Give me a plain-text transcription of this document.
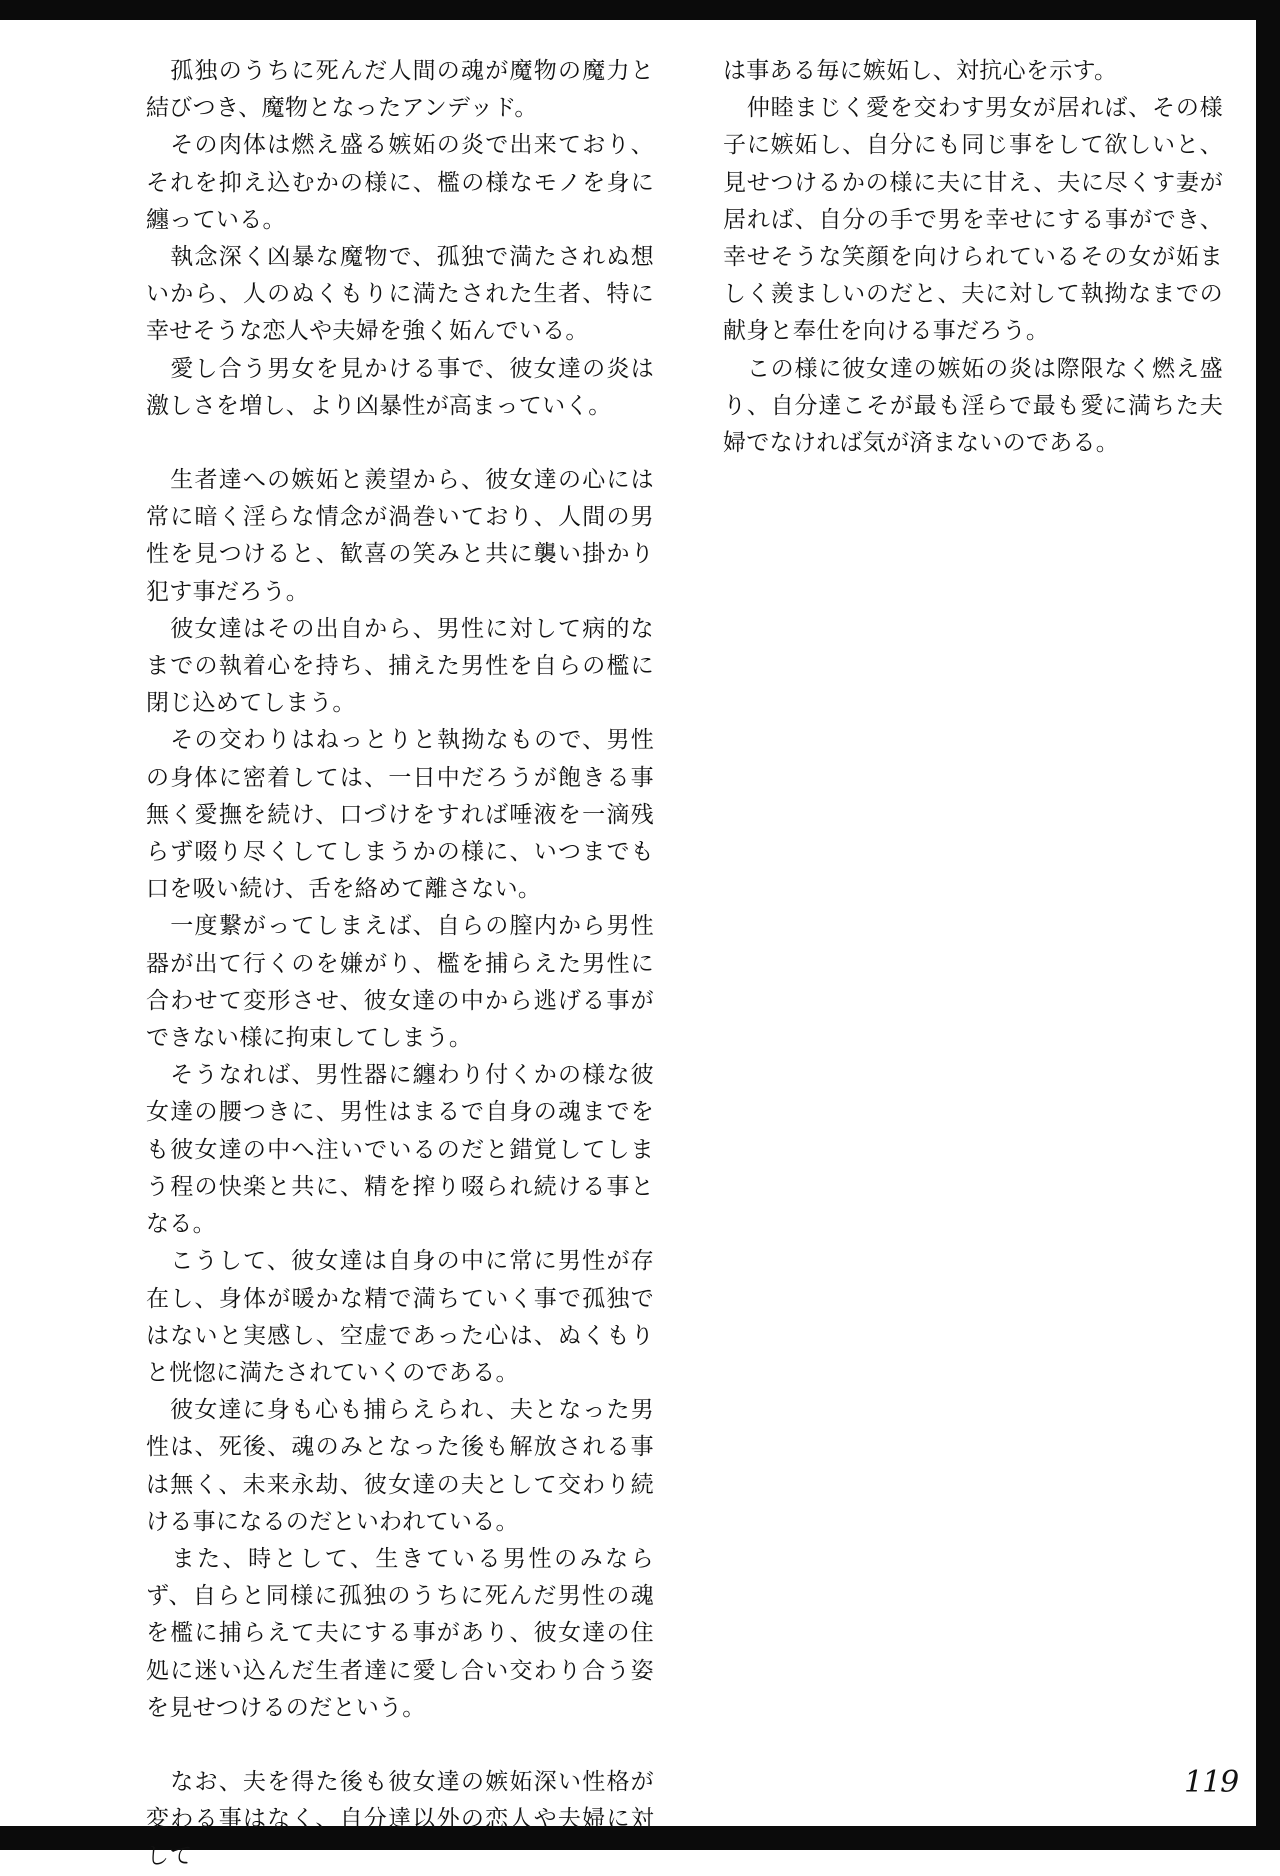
　孤独のうちに死んだ人間の魂が魔物の魔力と結びつき、魔物となったアンデッド。

　その肉体は燃え盛る嫉妬の炎で出来ており、それを抑え込むかの様に、檻の様なモノを身に纏っている。

　執念深く凶暴な魔物で、孤独で満たされぬ想いから、人のぬくもりに満たされた生者、特に幸せそうな恋人や夫婦を強く妬んでいる。

　愛し合う男女を見かける事で、彼女達の炎は激しさを増し、より凶暴性が高まっていく。

　生者達への嫉妬と羨望から、彼女達の心には常に暗く淫らな情念が渦巻いており、人間の男性を見つけると、歓喜の笑みと共に襲い掛かり犯す事だろう。

　彼女達はその出自から、男性に対して病的なまでの執着心を持ち、捕えた男性を自らの檻に閉じ込めてしまう。

　その交わりはねっとりと執拗なもので、男性の身体に密着しては、一日中だろうが飽きる事無く愛撫を続け、口づけをすれば唾液を一滴残らず啜り尽くしてしまうかの様に、いつまでも口を吸い続け、舌を絡めて離さない。

　一度繋がってしまえば、自らの膣内から男性器が出て行くのを嫌がり、檻を捕らえた男性に合わせて変形させ、彼女達の中から逃げる事ができない様に拘束してしまう。

　そうなれば、男性器に纏わり付くかの様な彼女達の腰つきに、男性はまるで自身の魂までをも彼女達の中へ注いでいるのだと錯覚してしまう程の快楽と共に、精を搾り啜られ続ける事となる。

　こうして、彼女達は自身の中に常に男性が存在し、身体が暖かな精で満ちていく事で孤独ではないと実感し、空虚であった心は、ぬくもりと恍惚に満たされていくのである。

　彼女達に身も心も捕らえられ、夫となった男性は、死後、魂のみとなった後も解放される事は無く、未来永劫、彼女達の夫として交わり続ける事になるのだといわれている。

　また、時として、生きている男性のみならず、自らと同様に孤独のうちに死んだ男性の魂を檻に捕らえて夫にする事があり、彼女達の住処に迷い込んだ生者達に愛し合い交わり合う姿を見せつけるのだという。

　なお、夫を得た後も彼女達の嫉妬深い性格が変わる事はなく、自分達以外の恋人や夫婦に対して

は事ある毎に嫉妬し、対抗心を示す。

　仲睦まじく愛を交わす男女が居れば、その様子に嫉妬し、自分にも同じ事をして欲しいと、見せつけるかの様に夫に甘え、夫に尽くす妻が居れば、自分の手で男を幸せにする事ができ、幸せそうな笑顔を向けられているその女が妬ましく羨ましいのだと、夫に対して執拗なまでの献身と奉仕を向ける事だろう。

　この様に彼女達の嫉妬の炎は際限なく燃え盛り、自分達こそが最も淫らで最も愛に満ちた夫婦でなければ気が済まないのである。

119
